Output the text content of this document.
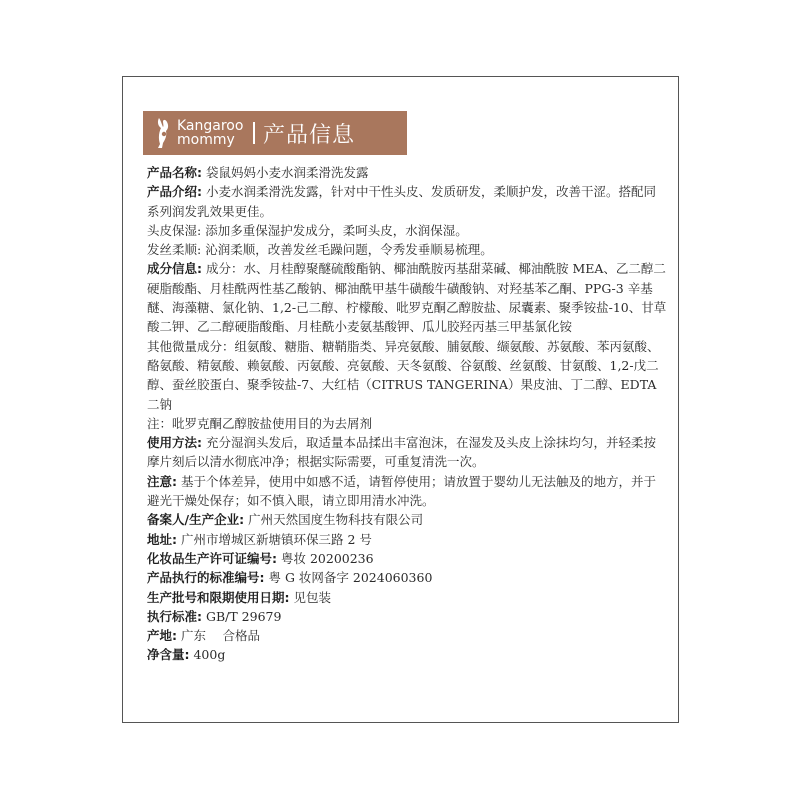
Kangaroo
mommy	产品信息

产品名称: 袋鼠妈妈小麦水润柔滑洗发露

产品介绍: 小麦水润柔滑洗发露，针对中干性头皮、发质研发，柔顺护发，改善干涩。搭配同系列润发乳效果更佳。

头皮保湿: 添加多重保湿护发成分，柔呵头皮，水润保湿。

发丝柔顺: 沁润柔顺，改善发丝毛躁问题，令秀发垂顺易梳理。

成分信息: 成分：水、月桂醇聚醚硫酸酯钠、椰油酰胺丙基甜菜碱、椰油酰胺 MEA、乙二醇二硬脂酸酯、月桂酰两性基乙酸钠、椰油酰甲基牛磺酸牛磺酸钠、对羟基苯乙酮、PPG-3 辛基醚、海藻糖、氯化钠、1,2-己二醇、柠檬酸、吡罗克酮乙醇胺盐、尿囊素、聚季铵盐-10、甘草酸二钾、乙二醇硬脂酸酯、月桂酰小麦氨基酸钾、瓜儿胶羟丙基三甲基氯化铵

其他微量成分：组氨酸、糖脂、糖鞘脂类、异亮氨酸、脯氨酸、缬氨酸、苏氨酸、苯丙氨酸、酪氨酸、精氨酸、赖氨酸、丙氨酸、亮氨酸、天冬氨酸、谷氨酸、丝氨酸、甘氨酸、1,2-戊二醇、蚕丝胶蛋白、聚季铵盐-7、大红桔（CITRUS TANGERINA）果皮油、丁二醇、EDTA 二钠

注：吡罗克酮乙醇胺盐使用目的为去屑剂

使用方法: 充分湿润头发后，取适量本品揉出丰富泡沫，在湿发及头皮上涂抹均匀，并轻柔按摩片刻后以清水彻底冲净；根据实际需要，可重复清洗一次。

注意: 基于个体差异，使用中如感不适，请暂停使用；请放置于婴幼儿无法触及的地方，并于避光干燥处保存；如不慎入眼，请立即用清水冲洗。

备案人/生产企业: 广州天然国度生物科技有限公司

地址: 广州市增城区新塘镇环保三路 2 号

化妆品生产许可证编号: 粤妆 20200236

产品执行的标准编号: 粤 G 妆网备字 2024060360

生产批号和限期使用日期: 见包装

执行标准: GB/T 29679

产地: 广东　 合格品

净含量: 400g
